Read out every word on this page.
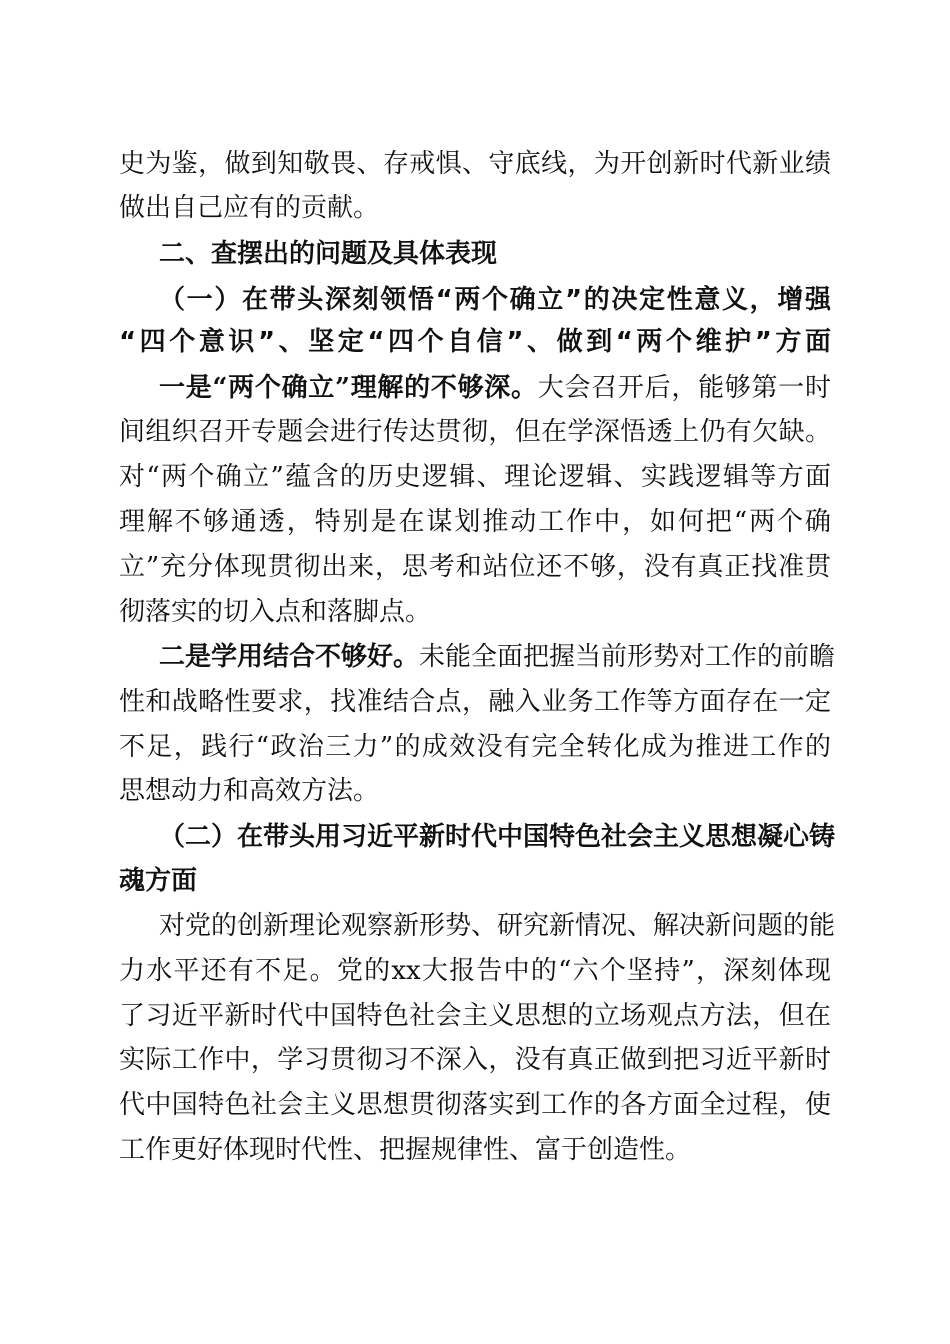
史为鉴，做到知敬畏、存戒惧、守底线，为开创新时代新业绩
做出自己应有的贡献。
二、查摆出的问题及具体表现
（一）在带头深刻领悟“两个确立”的决定性意义，增强
“四个意识”、坚定“四个自信”、做到“两个维护”方面
一是“两个确立”理解的不够深。大会召开后，能够第一时
间组织召开专题会进行传达贯彻，但在学深悟透上仍有欠缺。
对“两个确立”蕴含的历史逻辑、理论逻辑、实践逻辑等方面
理解不够通透，特别是在谋划推动工作中，如何把“两个确
立”充分体现贯彻出来，思考和站位还不够，没有真正找准贯
彻落实的切入点和落脚点。
二是学用结合不够好。未能全面把握当前形势对工作的前瞻
性和战略性要求，找准结合点，融入业务工作等方面存在一定
不足，践行“政治三力”的成效没有完全转化成为推进工作的
思想动力和高效方法。
（二）在带头用习近平新时代中国特色社会主义思想凝心铸
魂方面
对党的创新理论观察新形势、研究新情况、解决新问题的能
力水平还有不足。党的xx大报告中的“六个坚持”，深刻体现
了习近平新时代中国特色社会主义思想的立场观点方法，但在
实际工作中，学习贯彻习不深入，没有真正做到把习近平新时
代中国特色社会主义思想贯彻落实到工作的各方面全过程，使
工作更好体现时代性、把握规律性、富于创造性。
